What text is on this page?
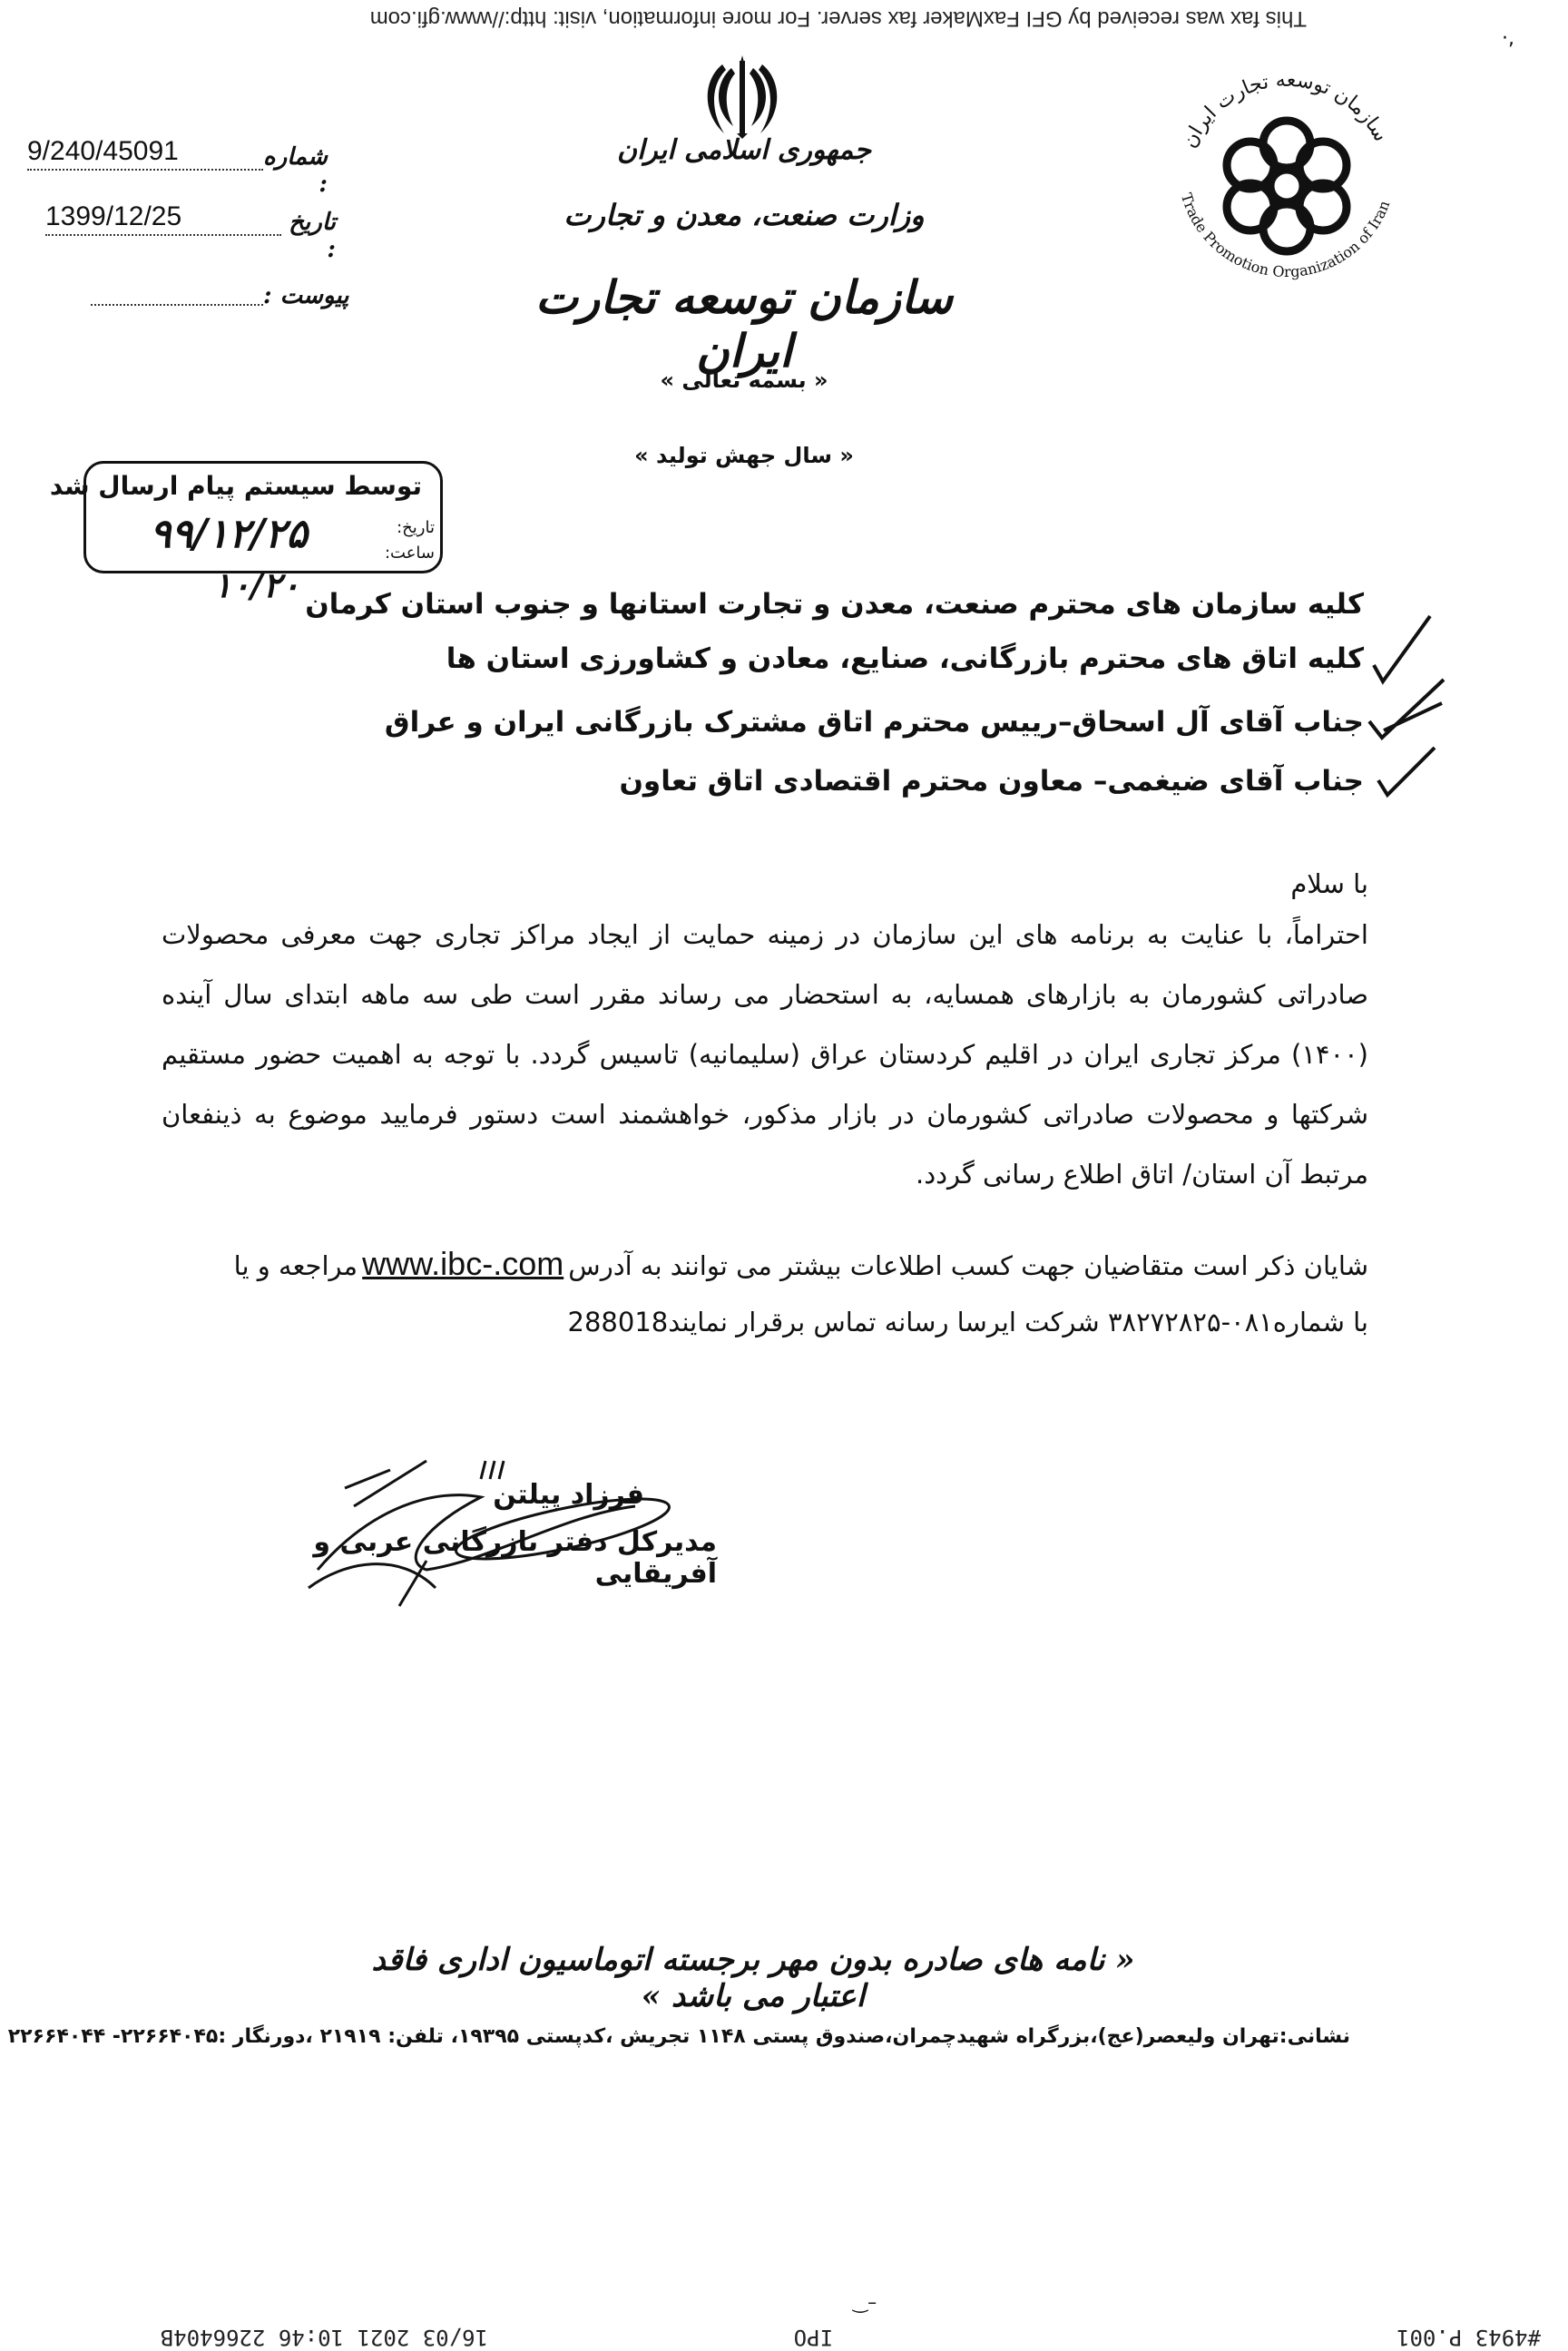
This fax was received by GFI FaxMaker fax server. For more information, visit: http://www.gfi.com
·,
9/240/45091	شماره :
1399/12/25	تاریخ :
پیوست :
جمهوری اسلامی ایران
وزارت صنعت، معدن و تجارت
سازمان توسعه تجارت ایران
« بسمه تعالی »
« سال جهش تولید »
سازمان توسعه تجارت ایران
Trade Promotion Organization of Iran
توسط سیستم پیام ارسال شد
تاریخ:
ساعت:
۹۹/۱۲/۲۵
۱۰/۲۰ کلیه سازمان های محترم صنعت، معدن و تجارت استانها و جنوب استان کرمان
کلیه اتاق های محترم بازرگانی، صنایع، معادن و کشاورزی استان ها
جناب آقای آل اسحاق–رییس محترم اتاق مشترک بازرگانی ایران و عراق
جناب آقای ضیغمی– معاون محترم اقتصادی اتاق تعاون
با سلام
احتراماً، با عنایت به برنامه های این سازمان در زمینه حمایت از ایجاد مراکز تجاری جهت معرفی محصولات
صادراتی کشورمان به بازارهای همسایه، به استحضار می رساند مقرر است طی سه ماهه ابتدای سال آینده
(۱۴۰۰) مرکز تجاری ایران در اقلیم کردستان عراق (سلیمانیه) تاسیس گردد. با توجه به اهمیت حضور مستقیم
شرکتها و محصولات صادراتی کشورمان در بازار مذکور، خواهشمند است دستور فرمایید موضوع به ذینفعان
مرتبط آن استان/ اتاق اطلاع رسانی گردد.
شایان ذکر است متقاضیان جهت کسب اطلاعات بیشتر می توانند به آدرس www.ibc-.com مراجعه و یا
با شماره۰۸۱-۳۸۲۷۲۸۲۵ شرکت ایرسا رسانه تماس برقرار نمایند288018
فرزاد پیلتن
مدیرکل دفتر بازرگانی عربی و آفریقایی
« نامه های صادره بدون مهر برجسته اتوماسیون اداری فاقد اعتبار می باشد »
نشانی:تهران ولیعصر(عج)،بزرگراه شهیدچمران،صندوق پستی ۱۱۴۸ تجریش ،کدپستی ۱۹۳۹۵، تلفن: ۲۱۹۱۹ ،دورنگار :۲۲۶۶۴۰۴۵- ۲۲۶۶۴۰۴۴
‿–
16/03 2021 10:46 2266404B	IPO	#4943 P.001
